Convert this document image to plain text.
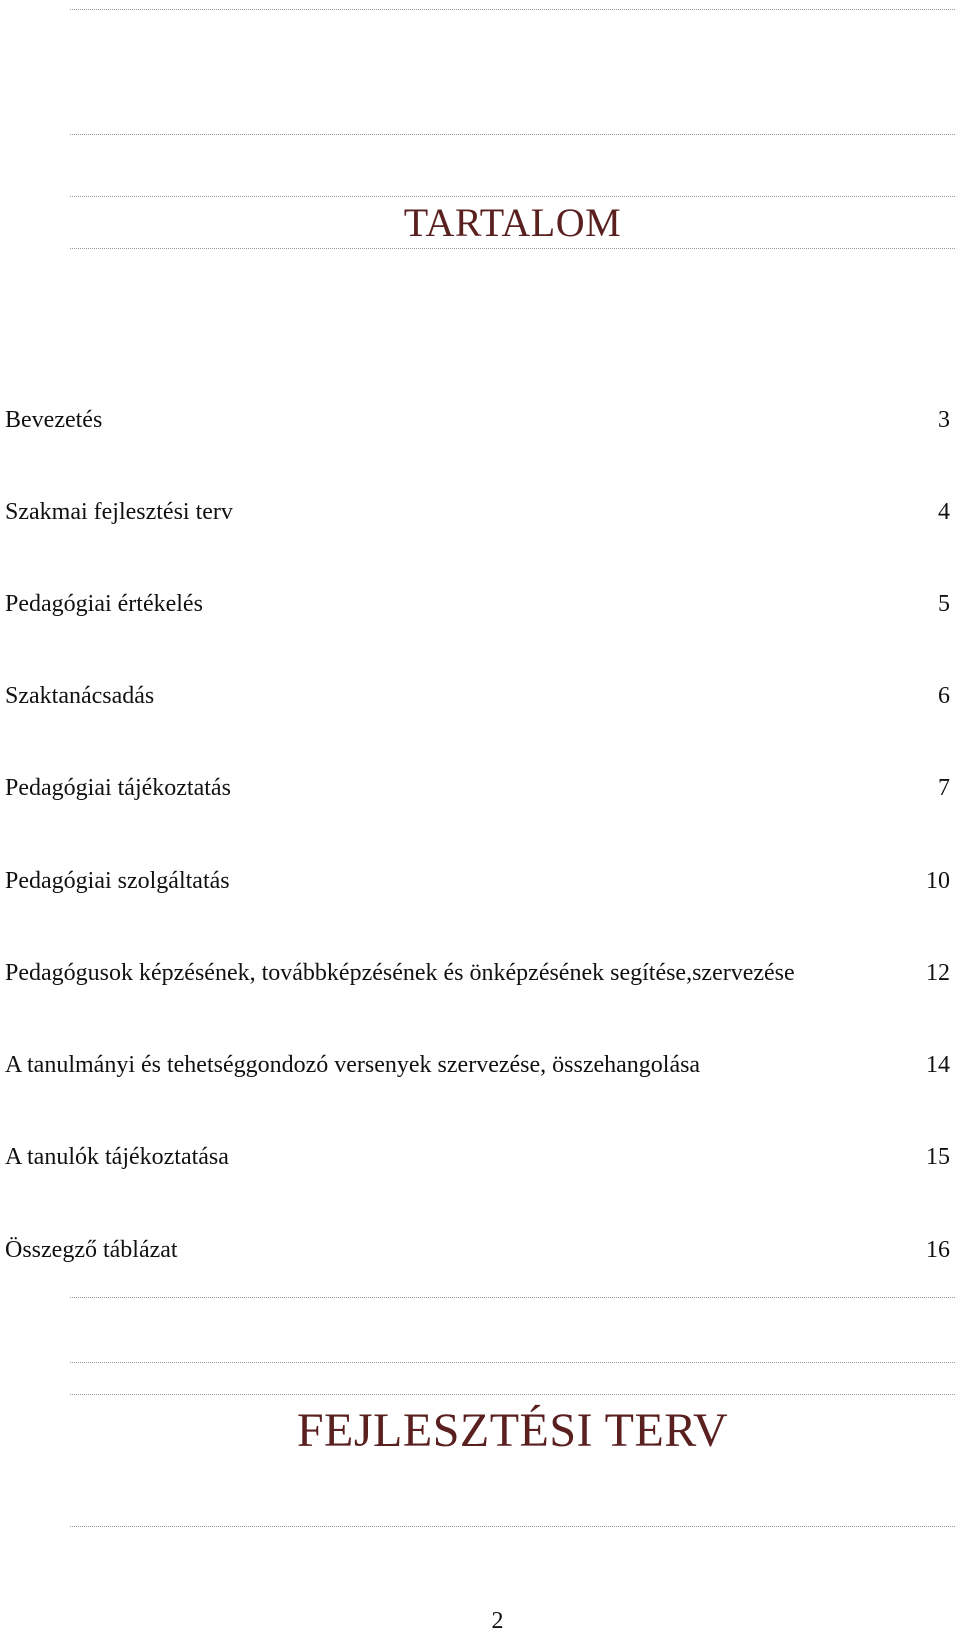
TARTALOM
Bevezetés	3
Szakmai fejlesztési terv	4
Pedagógiai értékelés	5
Szaktanácsadás	6
Pedagógiai tájékoztatás	7
Pedagógiai szolgáltatás	10
Pedagógusok képzésének, továbbképzésének és önképzésének segítése,szervezése	12
A tanulmányi és tehetséggondozó versenyek szervezése, összehangolása	14
A tanulók tájékoztatása	15
Összegző táblázat	16
FEJLESZTÉSI TERV
2
